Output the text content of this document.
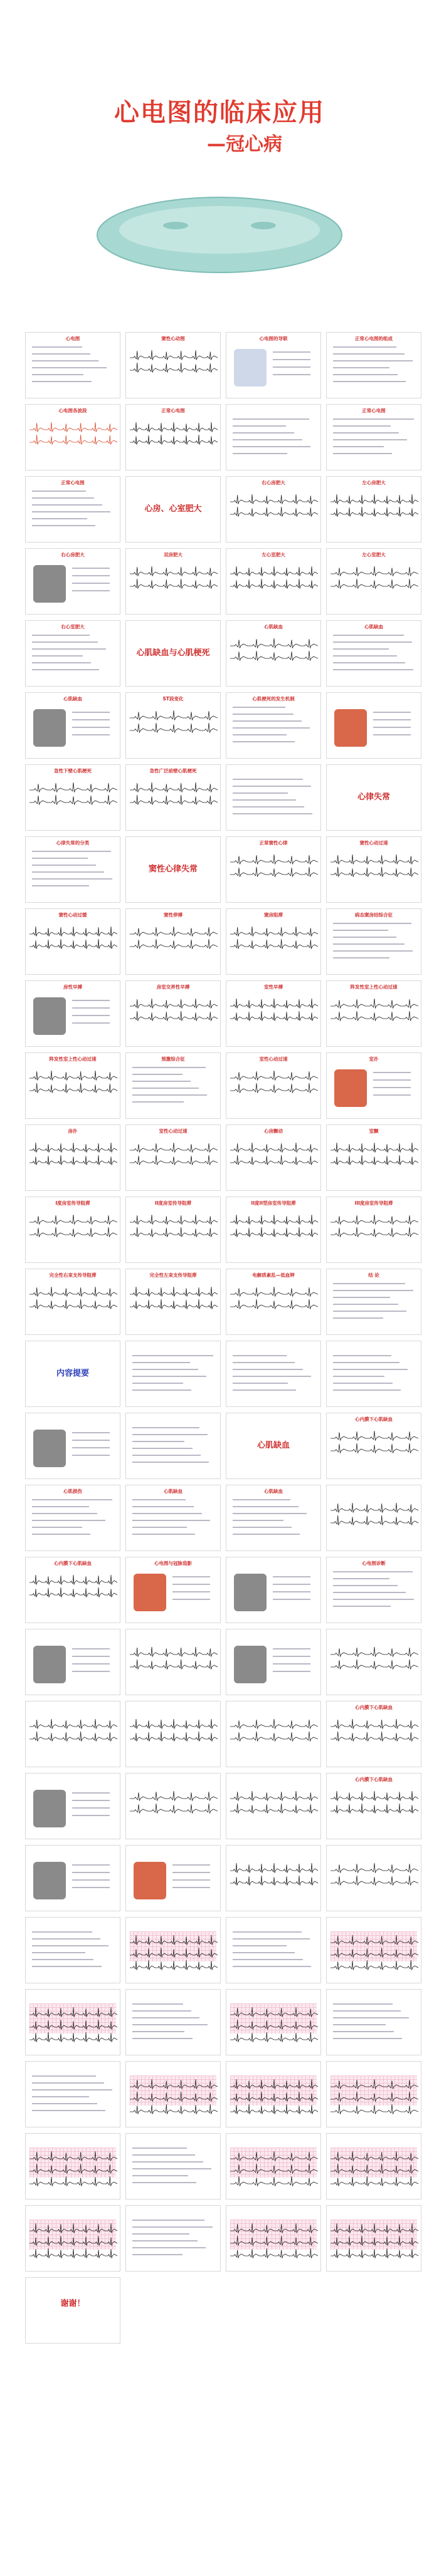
心电图的临床应用
—冠心病
心电图	窦性心动图	心电图的导联	正常心电图的组成
心电图各波段	正常心电图	正常心电图
正常心电图
心房、心室肥大
右心房肥大	左心房肥大
右心房肥大	双房肥大	左心室肥大	左心室肥大
右心室肥大
心肌缺血与心肌梗死
心肌缺血	心肌缺血
心肌缺血	ST段变化	心肌梗死的发生机制
急性下壁心肌梗死	急性广泛前壁心肌梗死
心律失常
心律失常的分类
窦性心律失常
正常窦性心律	窦性心动过速
窦性心动过缓	窦性停搏	窦房阻滞	病态窦房结综合征
房性早搏	房室交界性早搏	室性早搏	阵发性室上性心动过速
阵发性室上性心动过速	预激综合征	室性心动过速	室扑
房扑	室性心动过速	心房颤动	室颤
I度房室传导阻滞	II度房室传导阻滞	II度II型房室传导阻滞	III度房室传导阻滞
完全性右束支传导阻滞	完全性左束支传导阻滞	电解质紊乱—低血钾	结 论
内容提要
心肌缺血
心内膜下心肌缺血
心肌损伤	心肌缺血	心肌缺血
心内膜下心肌缺血	心电图与冠脉造影	心电图诊断
心内膜下心肌缺血
心内膜下心肌缺血
谢谢！
